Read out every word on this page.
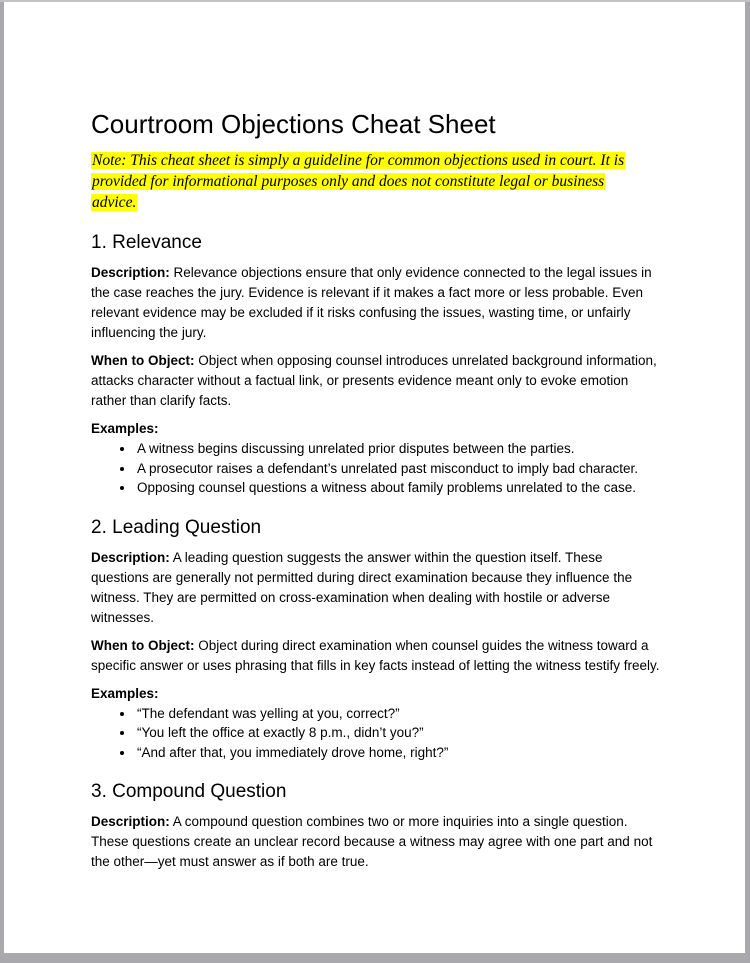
Courtroom Objections Cheat Sheet
Note: This cheat sheet is simply a guideline for common objections used in court. It is
provided for informational purposes only and does not constitute legal or business
advice.
1. Relevance

Description: Relevance objections ensure that only evidence connected to the legal issues in the case reaches the jury. Evidence is relevant if it makes a fact more or less probable. Even relevant evidence may be excluded if it risks confusing the issues, wasting time, or unfairly influencing the jury.

When to Object: Object when opposing counsel introduces unrelated background information, attacks character without a factual link, or presents evidence meant only to evoke emotion rather than clarify facts.

Examples:

• A witness begins discussing unrelated prior disputes between the parties.
• A prosecutor raises a defendant’s unrelated past misconduct to imply bad character.
• Opposing counsel questions a witness about family problems unrelated to the case.
2. Leading Question

Description: A leading question suggests the answer within the question itself. These questions are generally not permitted during direct examination because they influence the witness. They are permitted on cross-examination when dealing with hostile or adverse witnesses.

When to Object: Object during direct examination when counsel guides the witness toward a specific answer or uses phrasing that fills in key facts instead of letting the witness testify freely.

Examples:

• “The defendant was yelling at you, correct?”
• “You left the office at exactly 8 p.m., didn’t you?”
• “And after that, you immediately drove home, right?”
3. Compound Question

Description: A compound question combines two or more inquiries into a single question. These questions create an unclear record because a witness may agree with one part and not the other—yet must answer as if both are true.
